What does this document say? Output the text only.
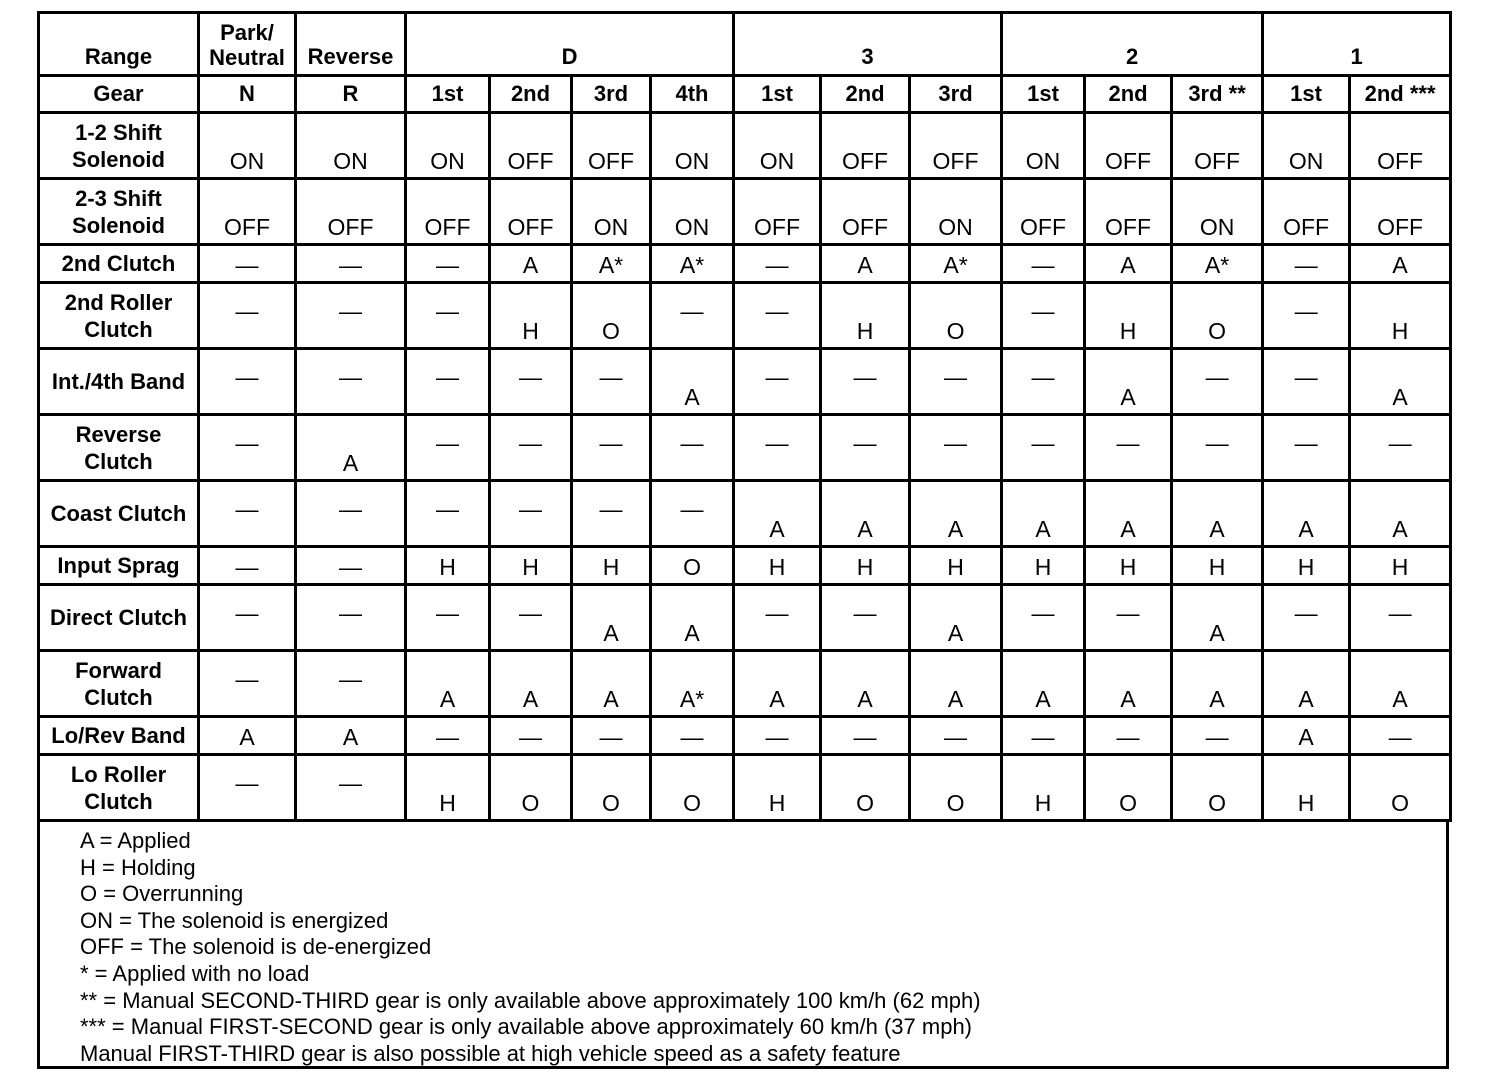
Range	Park/ Neutral	Reverse	D				3			2			1	
Gear	N	R	1st	2nd	3rd	4th	1st	2nd	3rd	1st	2nd	3rd **	1st	2nd ***
1-2 Shift Solenoid	ON	ON	ON	OFF	OFF	ON	ON	OFF	OFF	ON	OFF	OFF	ON	OFF
2-3 Shift Solenoid	OFF	OFF	OFF	OFF	ON	ON	OFF	OFF	ON	OFF	OFF	ON	OFF	OFF
2nd Clutch	—	—	—	A	A*	A*	—	A	A*	—	A	A*	—	A
2nd Roller Clutch	—	—	—	H	O	—	—	H	O	—	H	O	—	H
Int./4th Band	—	—	—	—	—	A	—	—	—	—	A	—	—	A
Reverse Clutch	—	A	—	—	—	—	—	—	—	—	—	—	—	—
Coast Clutch	—	—	—	—	—	—	A	A	A	A	A	A	A	A
Input Sprag	—	—	H	H	H	O	H	H	H	H	H	H	H	H
Direct Clutch	—	—	—	—	A	A	—	—	A	—	—	A	—	—
Forward Clutch	—	—	A	A	A	A*	A	A	A	A	A	A	A	A
Lo/Rev Band	A	A	—	—	—	—	—	—	—	—	—	—	A	—
Lo Roller Clutch	—	—	H	O	O	O	H	O	O	H	O	O	H	O
A = Applied
H = Holding
O = Overrunning
ON = The solenoid is energized
OFF = The solenoid is de-energized
* = Applied with no load
** = Manual SECOND-THIRD gear is only available above approximately 100 km/h (62 mph)
*** = Manual FIRST-SECOND gear is only available above approximately 60 km/h (37 mph)
Manual FIRST-THIRD gear is also possible at high vehicle speed as a safety feature
